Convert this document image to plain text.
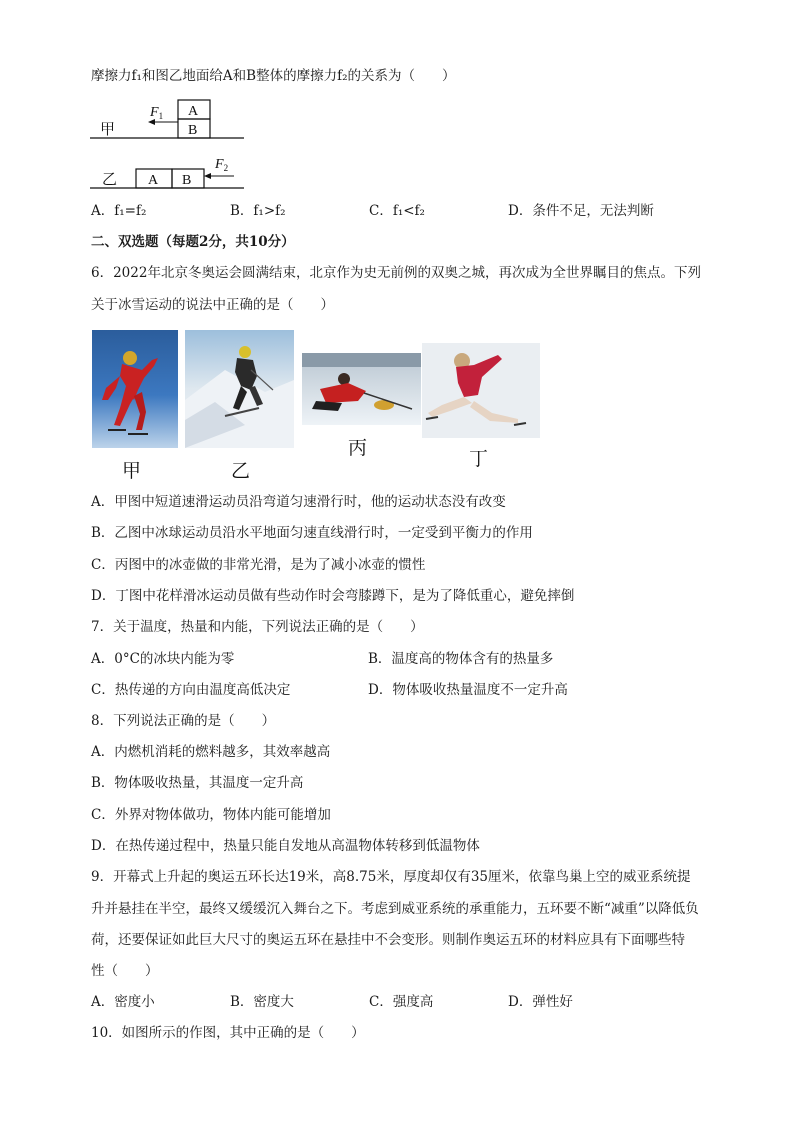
摩擦力f₁和图乙地面给A和B整体的摩擦力f₂的关系为（　　）
甲
A
B
$F_1$
乙 A B
$F_2$
A．f₁=f₂	B．f₁>f₂	C．f₁<f₂	D．条件不足，无法判断
二、双选题（每题2分，共10分）
6．2022年北京冬奥运会圆满结束，北京作为史无前例的双奥之城，再次成为全世界瞩目的焦点。下列
关于冰雪运动的说法中正确的是（　　）
甲	乙
丙	丁
A．甲图中短道速滑运动员沿弯道匀速滑行时，他的运动状态没有改变
B．乙图中冰球运动员沿水平地面匀速直线滑行时，一定受到平衡力的作用
C．丙图中的冰壶做的非常光滑，是为了减小冰壶的惯性
D．丁图中花样滑冰运动员做有些动作时会弯膝蹲下，是为了降低重心，避免摔倒
7．关于温度，热量和内能，下列说法正确的是（　　）
A．0°C的冰块内能为零	B．温度高的物体含有的热量多
C．热传递的方向由温度高低决定	D．物体吸收热量温度不一定升高
8．下列说法正确的是（　　）
A．内燃机消耗的燃料越多，其效率越高
B．物体吸收热量，其温度一定升高
C．外界对物体做功，物体内能可能增加
D．在热传递过程中，热量只能自发地从高温物体转移到低温物体
9．开幕式上升起的奥运五环长达19米，高8.75米，厚度却仅有35厘米，依靠鸟巢上空的威亚系统提
升并悬挂在半空，最终又缓缓沉入舞台之下。考虑到威亚系统的承重能力，五环要不断“减重”以降低负
荷，还要保证如此巨大尺寸的奥运五环在悬挂中不会变形。则制作奥运五环的材料应具有下面哪些特
性（　　）
A．密度小	B．密度大	C．强度高	D．弹性好
10．如图所示的作图，其中正确的是（　　）
